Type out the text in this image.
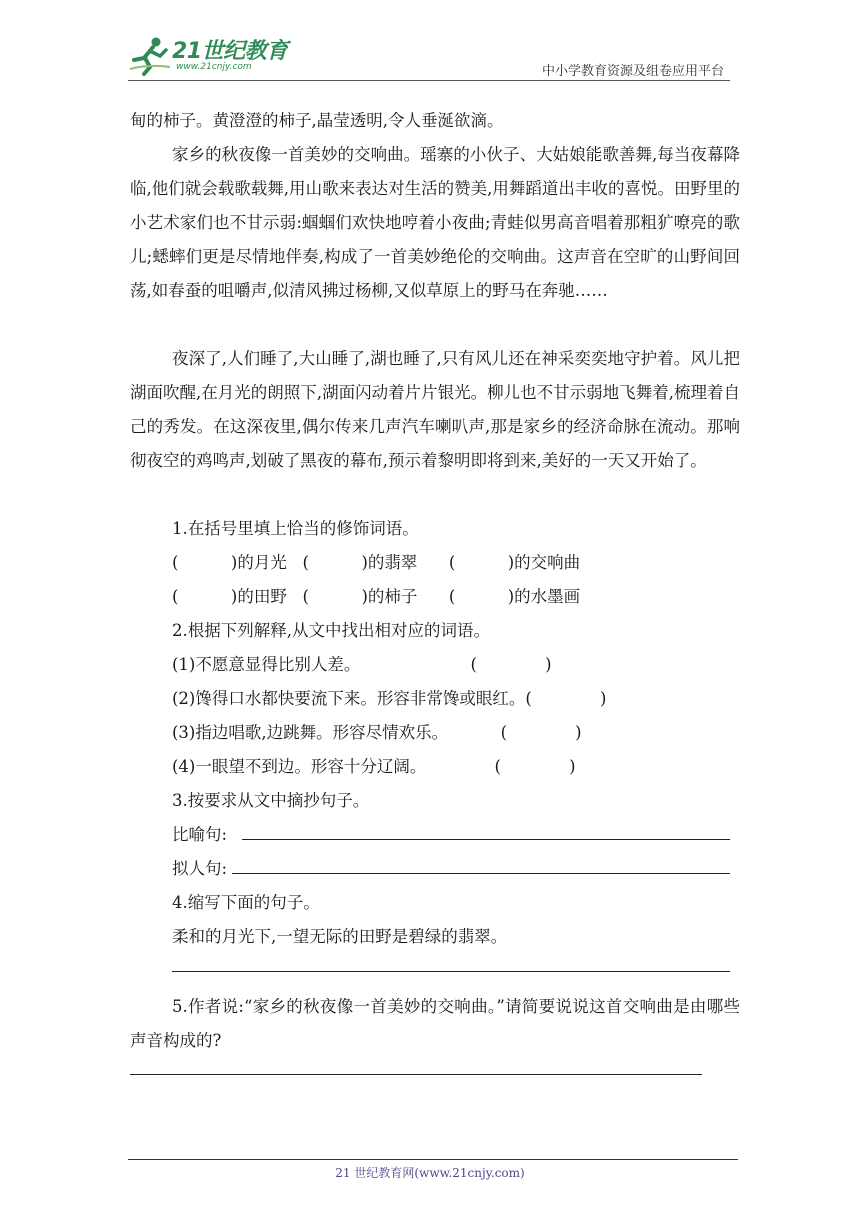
21世纪教育
www.21cnjy.com	中小学教育资源及组卷应用平台

甸的柿子。黄澄澄的柿子,晶莹透明,令人垂涎欲滴。

家乡的秋夜像一首美妙的交响曲。瑶寨的小伙子、大姑娘能歌善舞,每当夜幕降临,他们就会载歌载舞,用山歌来表达对生活的赞美,用舞蹈道出丰收的喜悦。田野里的小艺术家们也不甘示弱:蝈蝈们欢快地哼着小夜曲;青蛙似男高音唱着那粗犷嘹亮的歌儿;蟋蟀们更是尽情地伴奏,构成了一首美妙绝伦的交响曲。这声音在空旷的山野间回荡,如春蚕的咀嚼声,似清风拂过杨柳,又似草原上的野马在奔驰……

夜深了,人们睡了,大山睡了,湖也睡了,只有风儿还在神采奕奕地守护着。风儿把湖面吹醒,在月光的朗照下,湖面闪动着片片银光。柳儿也不甘示弱地飞舞着,梳理着自己的秀发。在这深夜里,偶尔传来几声汽车喇叭声,那是家乡的经济命脉在流动。那响彻夜空的鸡鸣声,划破了黑夜的幕布,预示着黎明即将到来,美好的一天又开始了。

1.在括号里填上恰当的修饰词语。
(          )的月光   (          )的翡翠      (          )的交响曲
(          )的田野   (          )的柿子      (          )的水墨画
2.根据下列解释,从文中找出相对应的词语。
(1)不愿意显得比别人差。                     (             )
(2)馋得口水都快要流下来。形容非常馋或眼红。(             )
(3)指边唱歌,边跳舞。形容尽情欢乐。          (             )
(4)一眼望不到边。形容十分辽阔。             (             )
3.按要求从文中摘抄句子。
比喻句:
拟人句:
4.缩写下面的句子。
柔和的月光下,一望无际的田野是碧绿的翡翠。

5.作者说:“家乡的秋夜像一首美妙的交响曲。”请简要说说这首交响曲是由哪些声音构成的?

21 世纪教育网(www.21cnjy.com)
